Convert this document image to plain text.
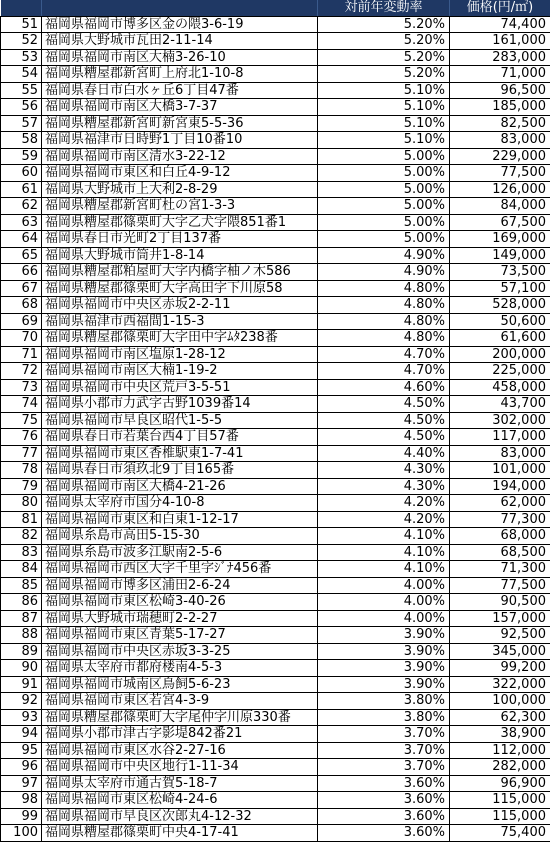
		対前年変動率	価格(円/㎡)
51	福岡県福岡市博多区金の隈3-6-19	5.20%	74,400
52	福岡県大野城市瓦田2-11-14	5.20%	161,000
53	福岡県福岡市南区大楠3-26-10	5.20%	283,000
54	福岡県糟屋郡新宮町上府北1-10-8	5.20%	71,000
55	福岡県春日市白水ヶ丘6丁目47番	5.10%	96,500
56	福岡県福岡市南区大橋3-7-37	5.10%	185,000
57	福岡県糟屋郡新宮町新宮東5-5-36	5.10%	82,500
58	福岡県福津市日時野1丁目10番10	5.10%	83,000
59	福岡県福岡市南区清水3-22-12	5.00%	229,000
60	福岡県福岡市東区和白丘4-9-12	5.00%	77,500
61	福岡県大野城市上大利2-8-29	5.00%	126,000
62	福岡県糟屋郡新宮町杜の宮1-3-3	5.00%	84,000
63	福岡県糟屋郡篠栗町大字乙犬字隈851番1	5.00%	67,500
64	福岡県春日市光町2丁目137番	5.00%	169,000
65	福岡県大野城市筒井1-8-14	4.90%	149,000
66	福岡県糟屋郡粕屋町大字内橋字柚ノ木586	4.90%	73,500
67	福岡県糟屋郡篠栗町大字高田字下川原58	4.80%	57,100
68	福岡県福岡市中央区赤坂2-2-11	4.80%	528,000
69	福岡県福津市西福間1-15-3	4.80%	50,600
70	福岡県糟屋郡篠栗町大字田中字ﾑﾀ238番	4.80%	61,600
71	福岡県福岡市南区塩原1-28-12	4.70%	200,000
72	福岡県福岡市南区大楠1-19-2	4.70%	225,000
73	福岡県福岡市中央区荒戸3-5-51	4.60%	458,000
74	福岡県小郡市力武字古野1039番14	4.50%	43,700
75	福岡県福岡市早良区昭代1-5-5	4.50%	302,000
76	福岡県春日市若葉台西4丁目57番	4.50%	117,000
77	福岡県福岡市東区香椎駅東1-7-41	4.40%	83,000
78	福岡県春日市須玖北9丁目165番	4.30%	101,000
79	福岡県福岡市南区大橋4-21-26	4.30%	194,000
80	福岡県太宰府市国分4-10-8	4.20%	62,000
81	福岡県福岡市東区和白東1-12-17	4.20%	77,300
82	福岡県糸島市高田5-15-30	4.10%	68,000
83	福岡県糸島市波多江駅南2-5-6	4.10%	68,500
84	福岡県福岡市西区大字千里字ｼﾞﾅ456番	4.10%	71,300
85	福岡県福岡市博多区浦田2-6-24	4.00%	77,500
86	福岡県福岡市東区松崎3-40-26	4.00%	90,500
87	福岡県大野城市瑞穂町2-2-27	4.00%	157,000
88	福岡県福岡市東区青葉5-17-27	3.90%	92,500
89	福岡県福岡市中央区赤坂3-3-25	3.90%	345,000
90	福岡県太宰府市都府楼南4-5-3	3.90%	99,200
91	福岡県福岡市城南区鳥飼5-6-23	3.90%	322,000
92	福岡県福岡市東区若宮4-3-9	3.80%	100,000
93	福岡県糟屋郡篠栗町大字尾仲字川原330番	3.80%	62,300
94	福岡県小郡市津古字影堤842番21	3.70%	38,900
95	福岡県福岡市東区水谷2-27-16	3.70%	112,000
96	福岡県福岡市中央区地行1-11-34	3.70%	282,000
97	福岡県太宰府市通古賀5-18-7	3.60%	96,900
98	福岡県福岡市東区松崎4-24-6	3.60%	115,000
99	福岡県福岡市早良区次郎丸4-12-32	3.60%	115,000
100	福岡県糟屋郡篠栗町中央4-17-41	3.60%	75,400
